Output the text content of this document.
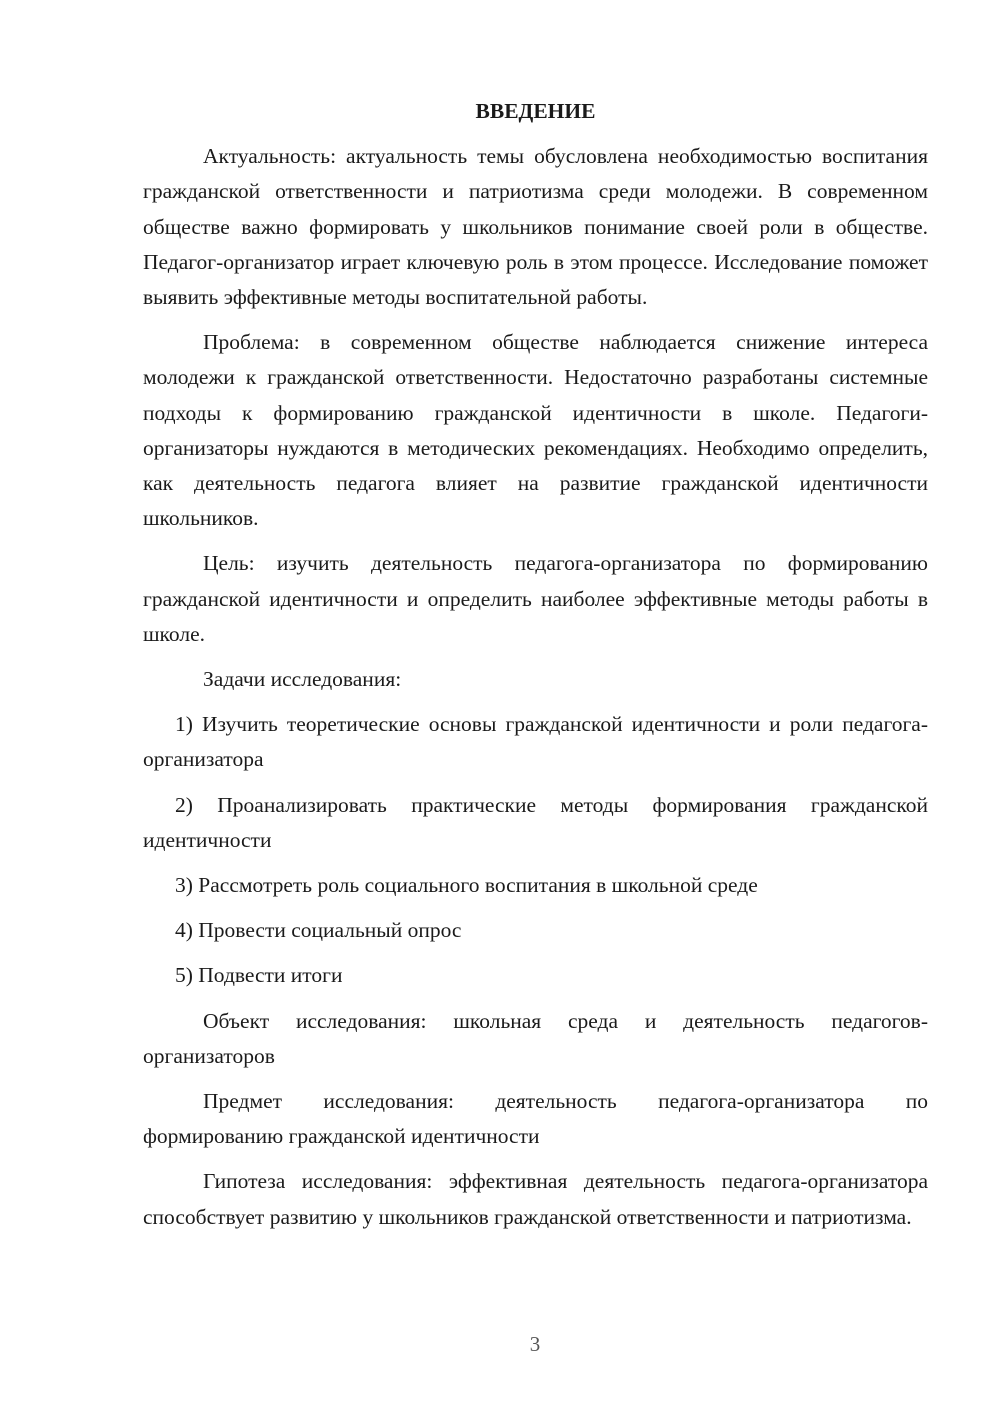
ВВЕДЕНИЕ

Актуальность: актуальность темы обусловлена необходимостью воспитания гражданской ответственности и патриотизма среди молодежи. В современном обществе важно формировать у школьников понимание своей роли в обществе. Педагог-организатор играет ключевую роль в этом процессе. Исследование поможет выявить эффективные методы воспитательной работы.

Проблема: в современном обществе наблюдается снижение интереса молодежи к гражданской ответственности. Недостаточно разработаны системные подходы к формированию гражданской идентичности в школе. Педагоги-организаторы нуждаются в методических рекомендациях. Необходимо определить, как деятельность педагога влияет на развитие гражданской идентичности школьников.

Цель: изучить деятельность педагога-организатора по формированию гражданской идентичности и определить наиболее эффективные методы работы в школе.

Задачи исследования:

1) Изучить теоретические основы гражданской идентичности и роли педагога-организатора

2) Проанализировать практические методы формирования гражданской идентичности

3) Рассмотреть роль социального воспитания в школьной среде

4) Провести социальный опрос

5) Подвести итоги

Объект исследования: школьная среда и деятельность педагогов-организаторов

Предмет исследования: деятельность педагога-организатора по формированию гражданской идентичности

Гипотеза исследования: эффективная деятельность педагога-организатора способствует развитию у школьников гражданской ответственности и патриотизма.

3
